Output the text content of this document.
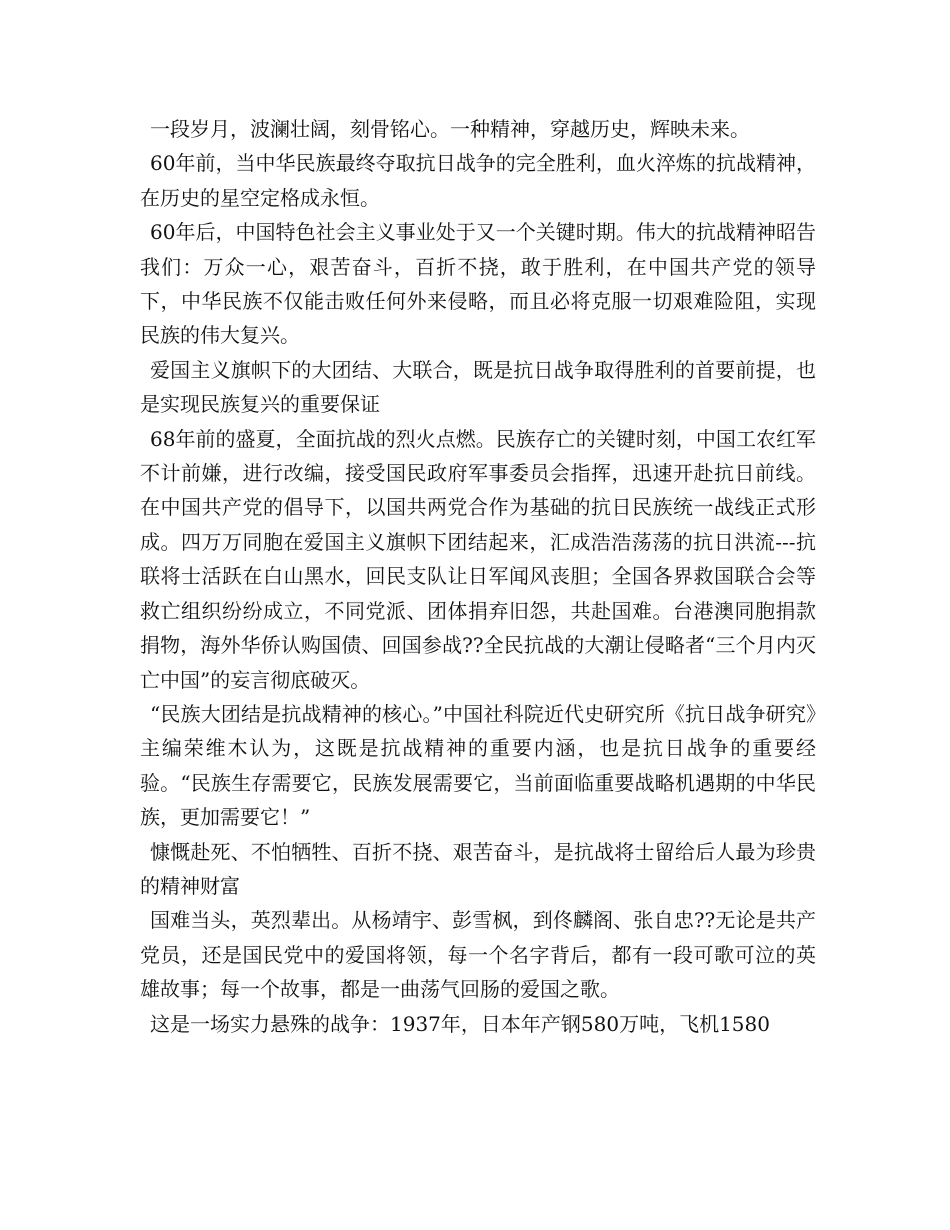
一段岁月，波澜壮阔，刻骨铭心。一种精神，穿越历史，辉映未来。

60年前，当中华民族最终夺取抗日战争的完全胜利，血火淬炼的抗战精神，在历史的星空定格成永恒。

60年后，中国特色社会主义事业处于又一个关键时期。伟大的抗战精神昭告我们：万众一心，艰苦奋斗，百折不挠，敢于胜利，在中国共产党的领导下，中华民族不仅能击败任何外来侵略，而且必将克服一切艰难险阻，实现民族的伟大复兴。

爱国主义旗帜下的大团结、大联合，既是抗日战争取得胜利的首要前提，也是实现民族复兴的重要保证

68年前的盛夏，全面抗战的烈火点燃。民族存亡的关键时刻，中国工农红军不计前嫌，进行改编，接受国民政府军事委员会指挥，迅速开赴抗日前线。在中国共产党的倡导下，以国共两党合作为基础的抗日民族统一战线正式形成。四万万同胞在爱国主义旗帜下团结起来，汇成浩浩荡荡的抗日洪流---抗联将士活跃在白山黑水，回民支队让日军闻风丧胆；全国各界救国联合会等救亡组织纷纷成立，不同党派、团体捐弃旧怨，共赴国难。台港澳同胞捐款捐物，海外华侨认购国债、回国参战??全民抗战的大潮让侵略者“三个月内灭亡中国”的妄言彻底破灭。

“民族大团结是抗战精神的核心。”中国社科院近代史研究所《抗日战争研究》主编荣维木认为，这既是抗战精神的重要内涵，也是抗日战争的重要经验。“民族生存需要它，民族发展需要它，当前面临重要战略机遇期的中华民族，更加需要它！”

慷慨赴死、不怕牺牲、百折不挠、艰苦奋斗，是抗战将士留给后人最为珍贵的精神财富

国难当头，英烈辈出。从杨靖宇、彭雪枫，到佟麟阁、张自忠??无论是共产党员，还是国民党中的爱国将领，每一个名字背后，都有一段可歌可泣的英雄故事；每一个故事，都是一曲荡气回肠的爱国之歌。

这是一场实力悬殊的战争：1937年，日本年产钢580万吨，飞机1580
